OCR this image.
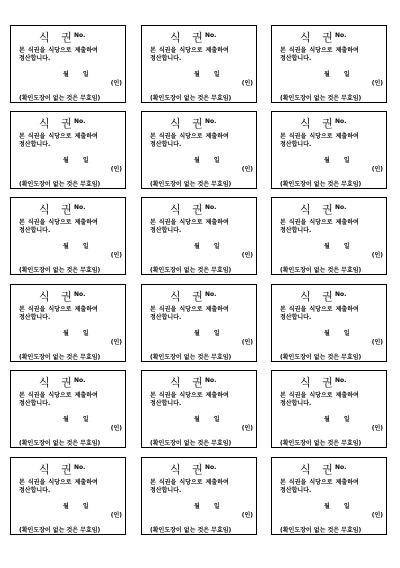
식 권
No.
본 식권을 식당으로 제출하여
정산합니다.
월 일
(인)
(확인도장이 없는 것은 무효임)
식 권
No.
본 식권을 식당으로 제출하여
정산합니다.
월 일
(인)
(확인도장이 없는 것은 무효임)
식 권
No.
본 식권을 식당으로 제출하여
정산합니다.
월 일
(인)
(확인도장이 없는 것은 무효임)
식 권
No.
본 식권을 식당으로 제출하여
정산합니다.
월 일
(인)
(확인도장이 없는 것은 무효임)
식 권
No.
본 식권을 식당으로 제출하여
정산합니다.
월 일
(인)
(확인도장이 없는 것은 무효임)
식 권
No.
본 식권을 식당으로 제출하여
정산합니다.
월 일
(인)
(확인도장이 없는 것은 무효임)
식 권
No.
본 식권을 식당으로 제출하여
정산합니다.
월 일
(인)
(확인도장이 없는 것은 무효임)
식 권
No.
본 식권을 식당으로 제출하여
정산합니다.
월 일
(인)
(확인도장이 없는 것은 무효임)
식 권
No.
본 식권을 식당으로 제출하여
정산합니다.
월 일
(인)
(확인도장이 없는 것은 무효임)
식 권
No.
본 식권을 식당으로 제출하여
정산합니다.
월 일
(인)
(확인도장이 없는 것은 무효임)
식 권
No.
본 식권을 식당으로 제출하여
정산합니다.
월 일
(인)
(확인도장이 없는 것은 무효임)
식 권
No.
본 식권을 식당으로 제출하여
정산합니다.
월 일
(인)
(확인도장이 없는 것은 무효임)
식 권
No.
본 식권을 식당으로 제출하여
정산합니다.
월 일
(인)
(확인도장이 없는 것은 무효임)
식 권
No.
본 식권을 식당으로 제출하여
정산합니다.
월 일
(인)
(확인도장이 없는 것은 무효임)
식 권
No.
본 식권을 식당으로 제출하여
정산합니다.
월 일
(인)
(확인도장이 없는 것은 무효임)
식 권
No.
본 식권을 식당으로 제출하여
정산합니다.
월 일
(인)
(확인도장이 없는 것은 무효임)
식 권
No.
본 식권을 식당으로 제출하여
정산합니다.
월 일
(인)
(확인도장이 없는 것은 무효임)
식 권
No.
본 식권을 식당으로 제출하여
정산합니다.
월 일
(인)
(확인도장이 없는 것은 무효임)
